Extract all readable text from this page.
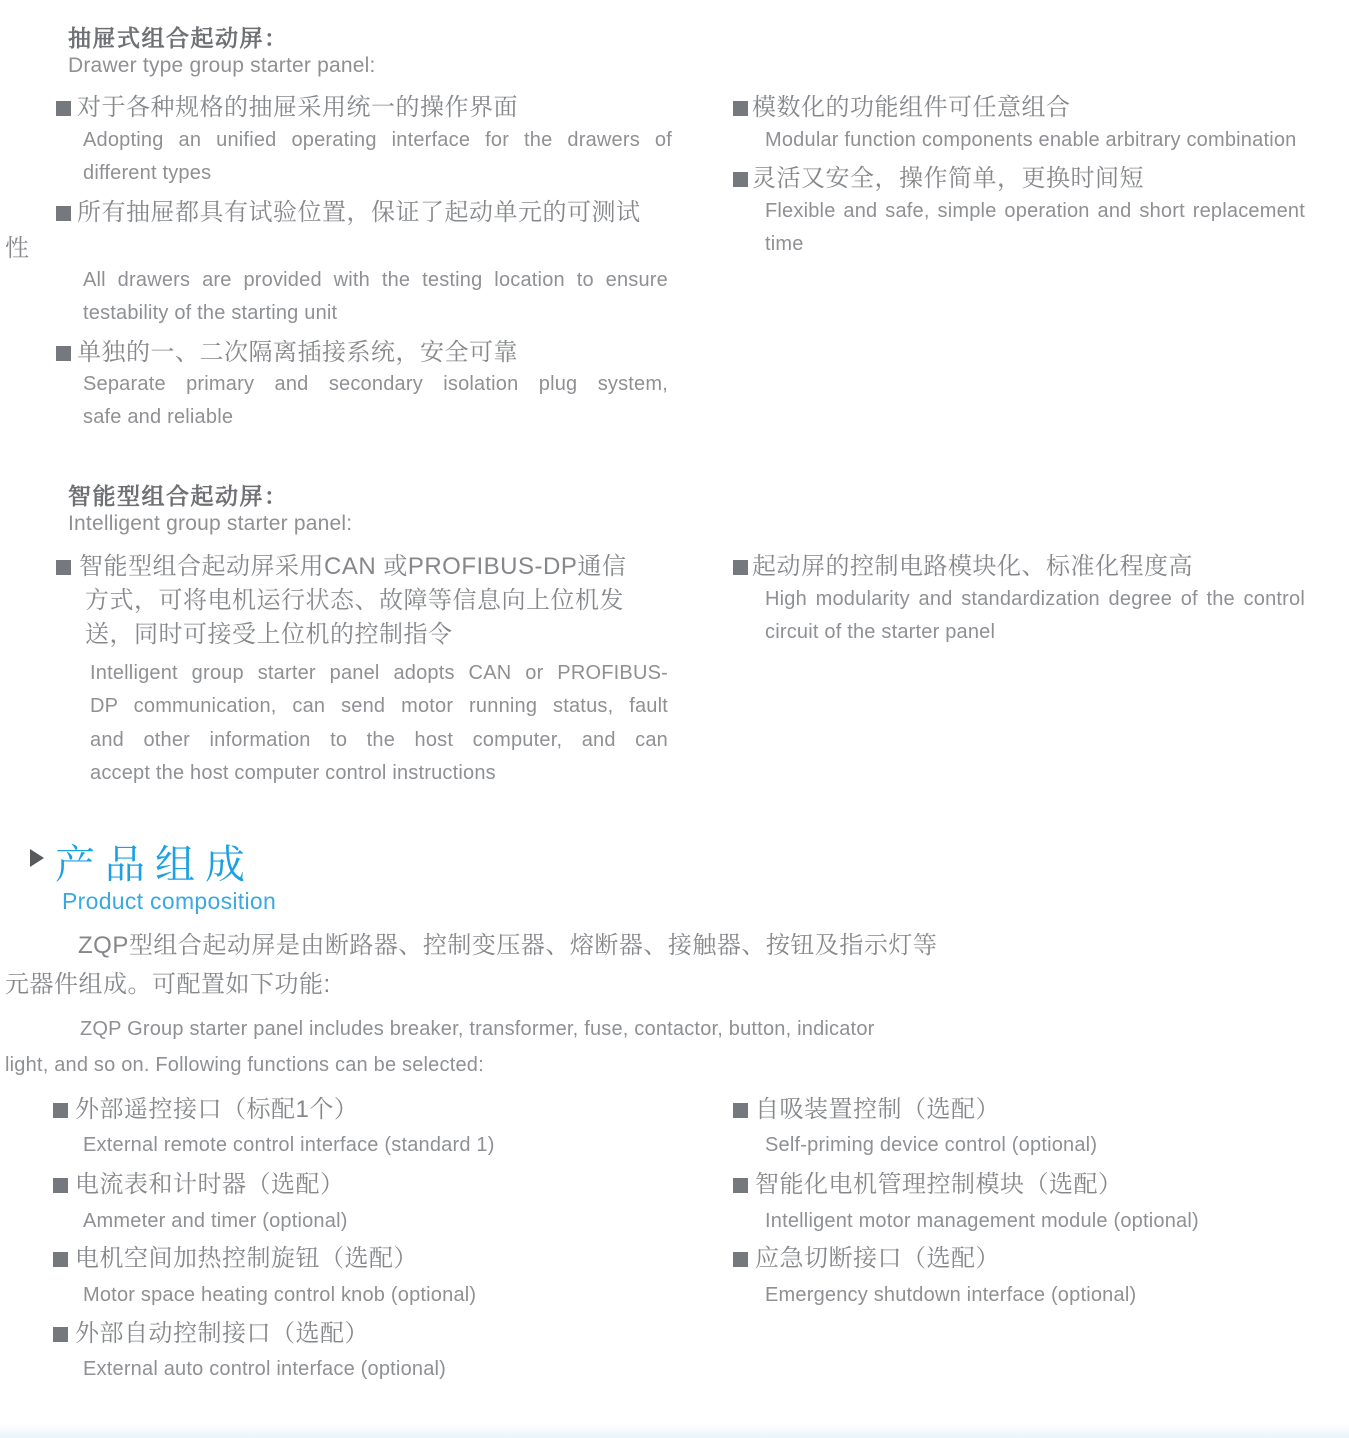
抽屉式组合起动屏：
Drawer type group starter panel:
对于各种规格的抽屉采用统一的操作界面
Adopting an unified operating interface for the drawers of
different types
所有抽屉都具有试验位置，保证了起动单元的可测试
性
All drawers are provided with the testing location to ensure
testability of the starting unit
单独的一、二次隔离插接系统，安全可靠
Separate primary and secondary isolation plug system,
safe and reliable
模数化的功能组件可任意组合
Modular function components enable arbitrary combination
灵活又安全，操作简单，更换时间短
Flexible and safe, simple operation and short replacement
time
智能型组合起动屏：
Intelligent group starter panel:
智能型组合起动屏采用CAN 或PROFIBUS-DP通信
方式，可将电机运行状态、故障等信息向上位机发
送，同时可接受上位机的控制指令
Intelligent group starter panel adopts CAN or PROFIBUS-
DP communication, can send motor running status, fault
and other information to the host computer, and can
accept the host computer control instructions
起动屏的控制电路模块化、标准化程度高
High modularity and standardization degree of the control
circuit of the starter panel
产品组成
Product composition
ZQP型组合起动屏是由断路器、控制变压器、熔断器、接触器、按钮及指示灯等
元器件组成。可配置如下功能:
ZQP Group starter panel includes breaker, transformer, fuse, contactor, button, indicator
light, and so on. Following functions can be selected:
外部遥控接口（标配1个）
External remote control interface (standard 1)
电流表和计时器（选配）
Ammeter and timer (optional)
电机空间加热控制旋钮（选配）
Motor space heating control knob (optional)
外部自动控制接口（选配）
External auto control interface (optional)
自吸装置控制（选配）
Self-priming device control (optional)
智能化电机管理控制模块（选配）
Intelligent motor management module (optional)
应急切断接口（选配）
Emergency shutdown interface (optional)
